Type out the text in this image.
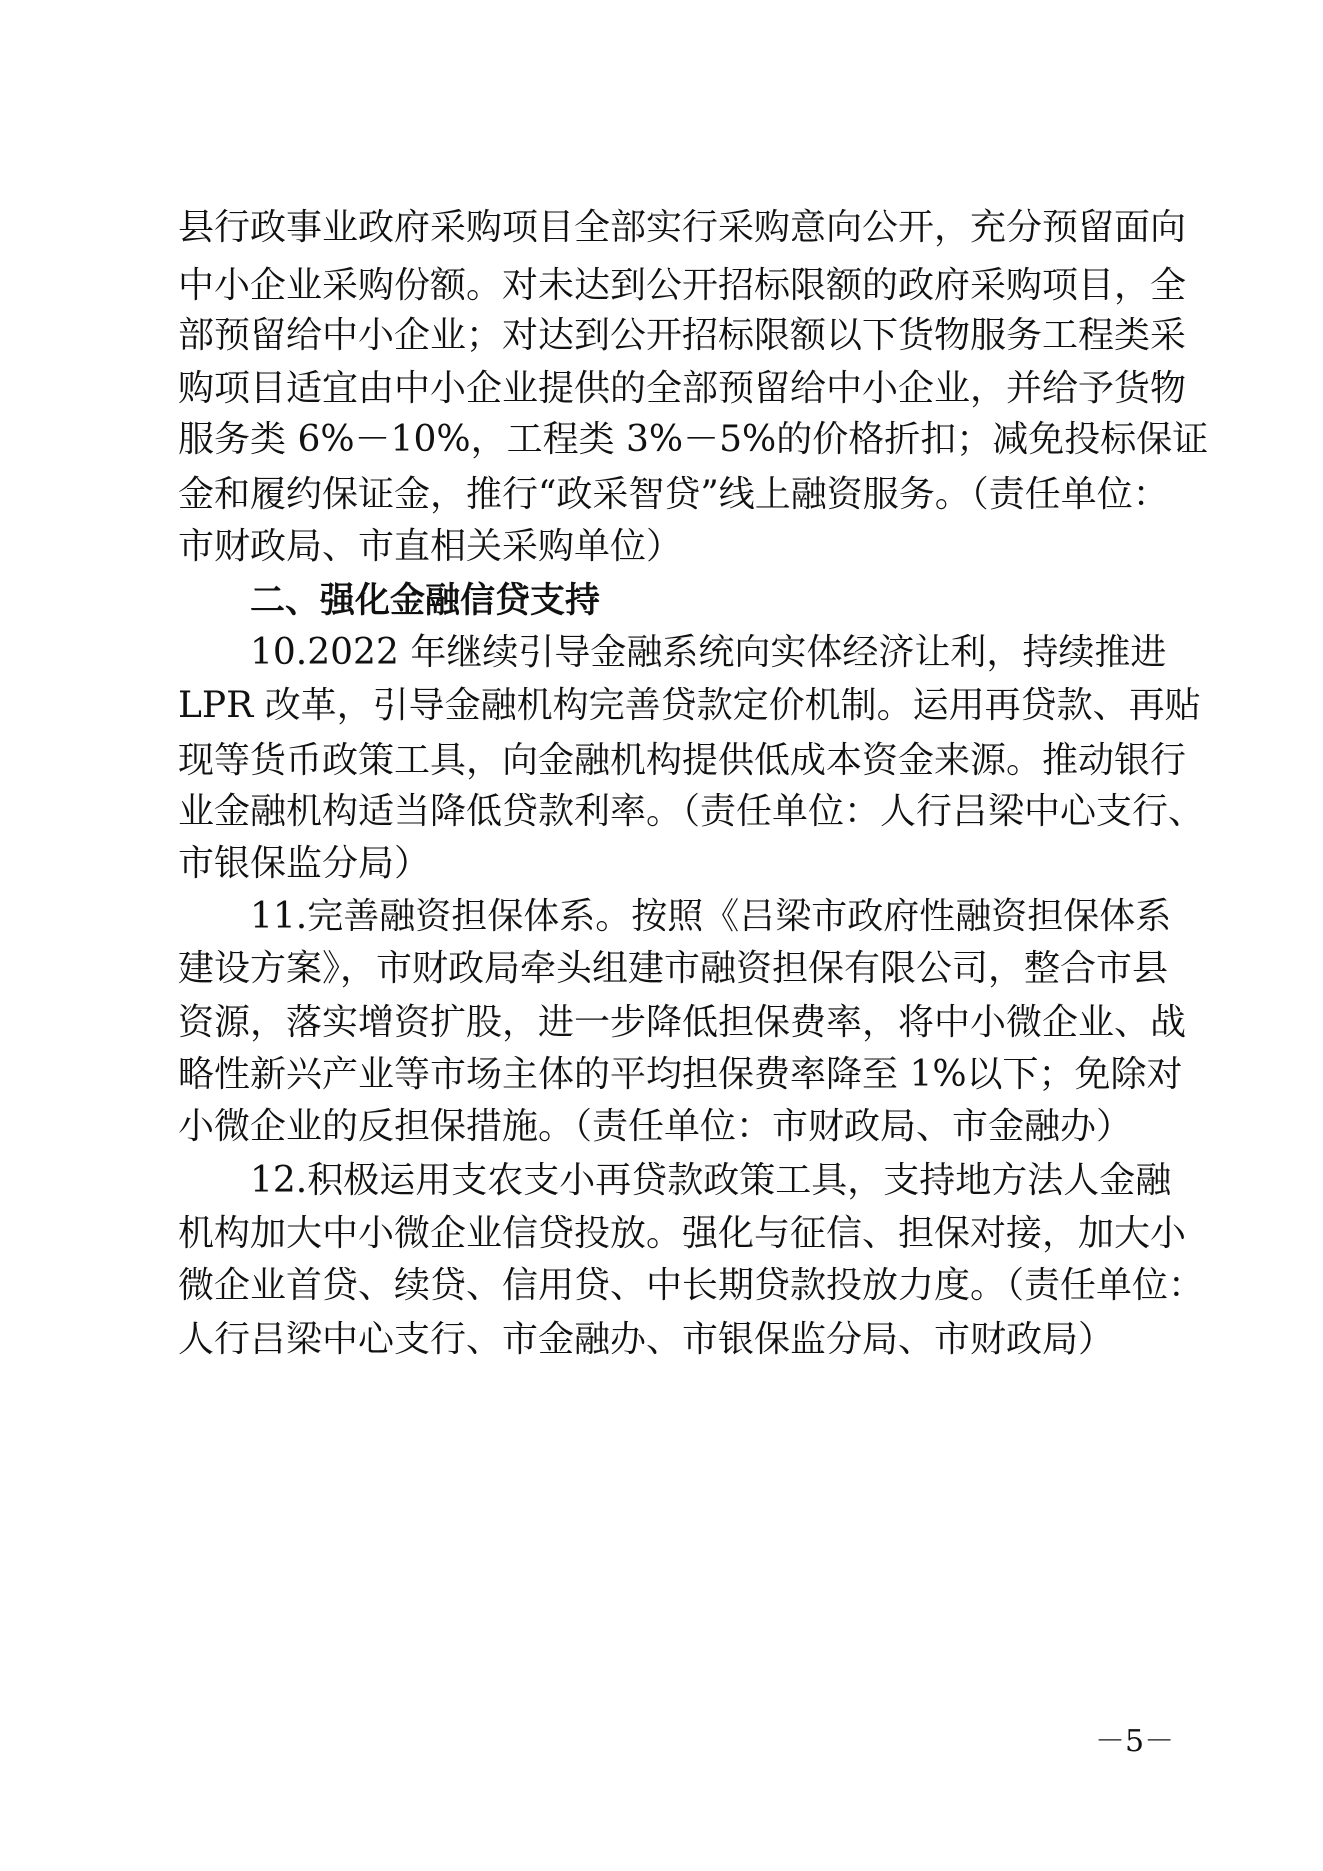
县行政事业政府采购项目全部实行采购意向公开，充分预留面向
中小企业采购份额。对未达到公开招标限额的政府采购项目，全
部预留给中小企业；对达到公开招标限额以下货物服务工程类采
购项目适宜由中小企业提供的全部预留给中小企业，并给予货物
服务类 6%－10%，工程类 3%－5%的价格折扣；减免投标保证
金和履约保证金，推行“政采智贷”线上融资服务。（责任单位：
市财政局、市直相关采购单位）
二、强化金融信贷支持
10.2022 年继续引导金融系统向实体经济让利，持续推进
LPR 改革，引导金融机构完善贷款定价机制。运用再贷款、再贴
现等货币政策工具，向金融机构提供低成本资金来源。推动银行
业金融机构适当降低贷款利率。（责任单位：人行吕梁中心支行、
市银保监分局）
11.完善融资担保体系。按照《吕梁市政府性融资担保体系
建设方案》，市财政局牵头组建市融资担保有限公司，整合市县
资源，落实增资扩股，进一步降低担保费率，将中小微企业、战
略性新兴产业等市场主体的平均担保费率降至 1%以下；免除对
小微企业的反担保措施。（责任单位：市财政局、市金融办）
12.积极运用支农支小再贷款政策工具，支持地方法人金融
机构加大中小微企业信贷投放。强化与征信、担保对接，加大小
微企业首贷、续贷、信用贷、中长期贷款投放力度。（责任单位：
人行吕梁中心支行、市金融办、市银保监分局、市财政局）
－5－
